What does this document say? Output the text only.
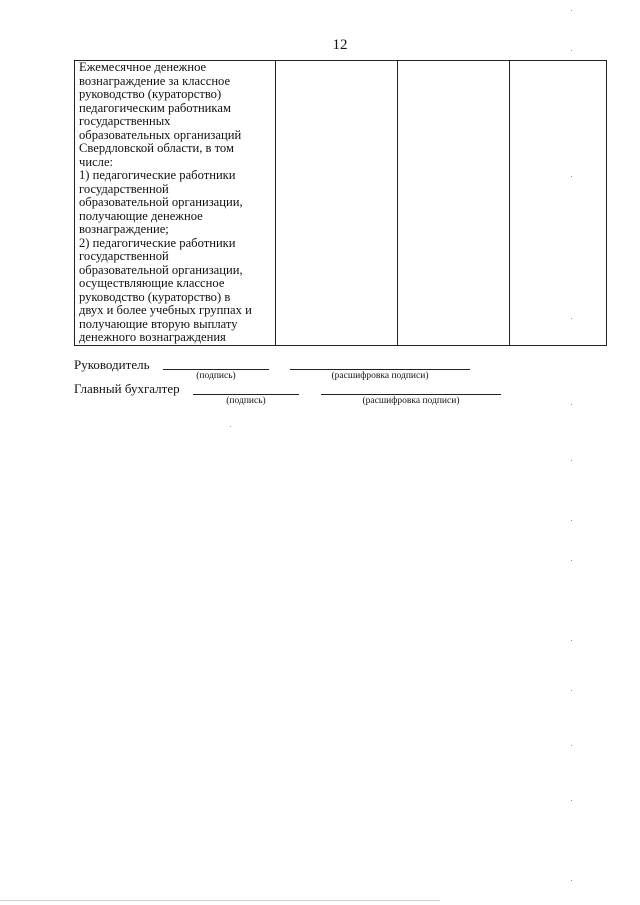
12
Ежемесячное денежное
вознаграждение за классное
руководство (кураторство)
педагогическим работникам
государственных
образовательных организаций
Свердловской области, в том
числе:
1) педагогические работники
государственной
образовательной организации,
получающие денежное
вознаграждение;
2) педагогические работники
государственной
образовательной организации,
осуществляющие классное
руководство (кураторство) в
двух и более учебных группах и
получающие вторую выплату
денежного вознаграждения			
Руководитель
(подпись)	(расшифровка подписи)
Главный бухгалтер
(подпись)	(расшифровка подписи)
